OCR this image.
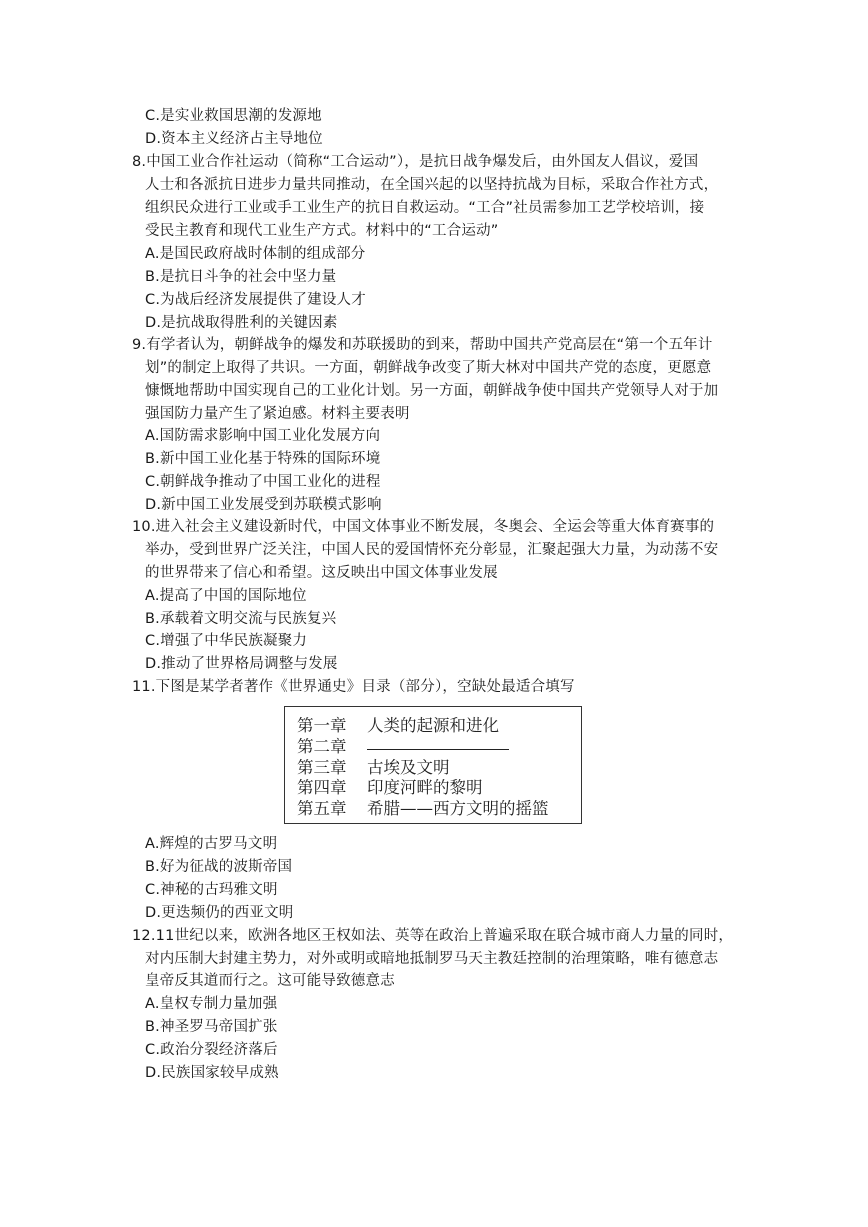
C.是实业救国思潮的发源地
D.资本主义经济占主导地位
8.中国工业合作社运动（简称“工合运动”），是抗日战争爆发后，由外国友人倡议，爱国
人士和各派抗日进步力量共同推动，在全国兴起的以坚持抗战为目标，采取合作社方式，
组织民众进行工业或手工业生产的抗日自救运动。“工合”社员需参加工艺学校培训，接
受民主教育和现代工业生产方式。材料中的“工合运动”
A.是国民政府战时体制的组成部分
B.是抗日斗争的社会中坚力量
C.为战后经济发展提供了建设人才
D.是抗战取得胜利的关键因素
9.有学者认为，朝鲜战争的爆发和苏联援助的到来，帮助中国共产党高层在“第一个五年计
划”的制定上取得了共识。一方面，朝鲜战争改变了斯大林对中国共产党的态度，更愿意
慷慨地帮助中国实现自己的工业化计划。另一方面，朝鲜战争使中国共产党领导人对于加
强国防力量产生了紧迫感。材料主要表明
A.国防需求影响中国工业化发展方向
B.新中国工业化基于特殊的国际环境
C.朝鲜战争推动了中国工业化的进程
D.新中国工业发展受到苏联模式影响
10.进入社会主义建设新时代，中国文体事业不断发展，冬奥会、全运会等重大体育赛事的
举办，受到世界广泛关注，中国人民的爱国情怀充分彰显，汇聚起强大力量，为动荡不安
的世界带来了信心和希望。这反映出中国文体事业发展
A.提高了中国的国际地位
B.承载着文明交流与民族复兴
C.增强了中华民族凝聚力
D.推动了世界格局调整与发展
11.下图是某学者著作《世界通史》目录（部分），空缺处最适合填写
第一章 人类的起源和进化
第二章
第三章 古埃及文明
第四章 印度河畔的黎明
第五章 希腊——西方文明的摇篮
A.辉煌的古罗马文明
B.好为征战的波斯帝国
C.神秘的古玛雅文明
D.更迭频仍的西亚文明
12.11世纪以来，欧洲各地区王权如法、英等在政治上普遍采取在联合城市商人力量的同时，
对内压制大封建主势力，对外或明或暗地抵制罗马天主教廷控制的治理策略，唯有德意志
皇帝反其道而行之。这可能导致德意志
A.皇权专制力量加强
B.神圣罗马帝国扩张
C.政治分裂经济落后
D.民族国家较早成熟
